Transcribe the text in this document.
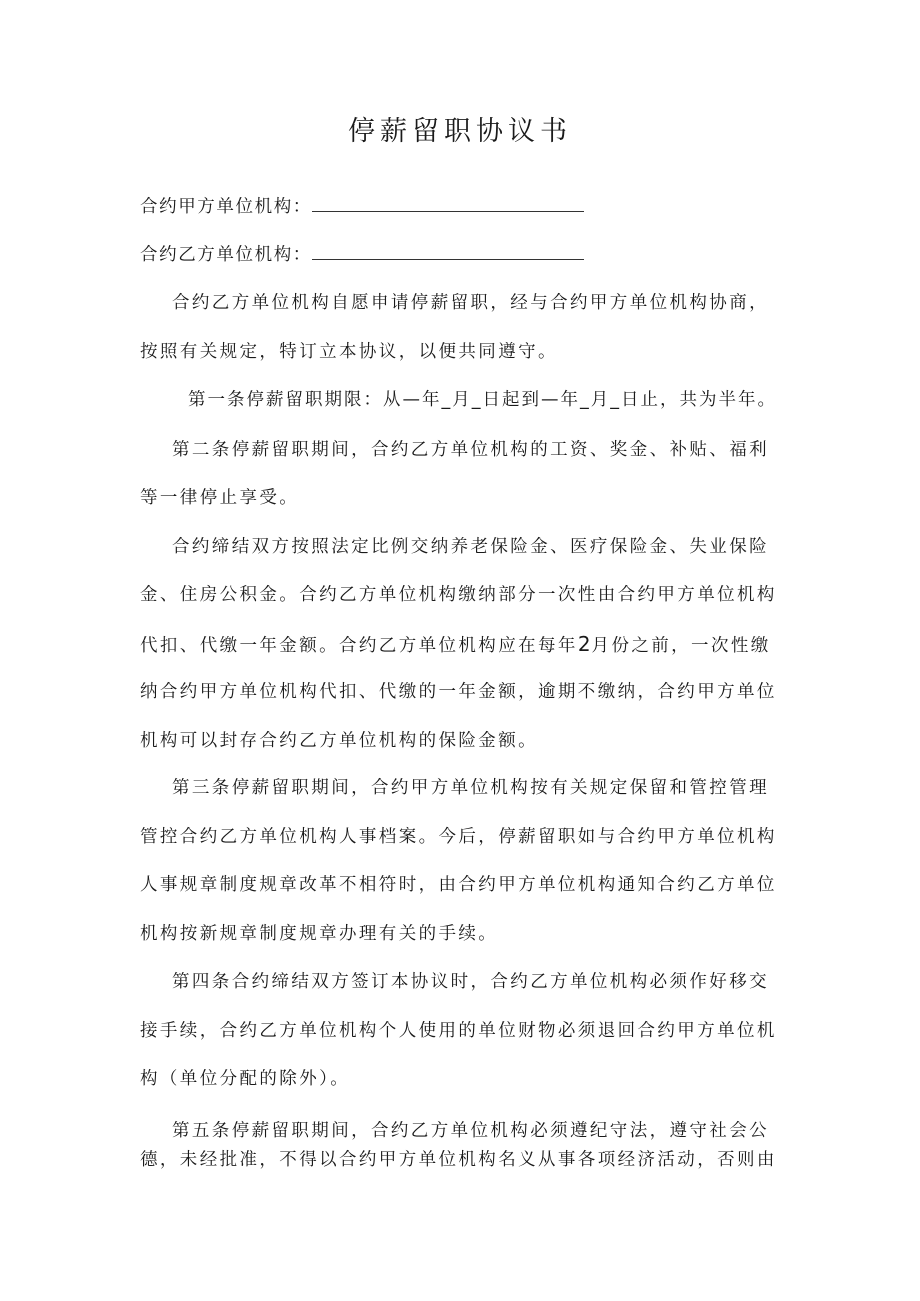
停薪留职协议书
合约甲方单位机构：
合约乙方单位机构：
合约乙方单位机构自愿申请停薪留职，经与合约甲方单位机构协商，
按照有关规定，特订立本协议，以便共同遵守。
第一条停薪留职期限：从—年_月_日起到—年_月_日止，共为半年。
第二条停薪留职期间，合约乙方单位机构的工资、奖金、补贴、福利
等一律停止享受。
合约缔结双方按照法定比例交纳养老保险金、医疗保险金、失业保险
金、住房公积金。合约乙方单位机构缴纳部分一次性由合约甲方单位机构
代扣、代缴一年金额。合约乙方单位机构应在每年2月份之前，一次性缴
纳合约甲方单位机构代扣、代缴的一年金额，逾期不缴纳，合约甲方单位
机构可以封存合约乙方单位机构的保险金额。
第三条停薪留职期间，合约甲方单位机构按有关规定保留和管控管理
管控合约乙方单位机构人事档案。今后，停薪留职如与合约甲方单位机构
人事规章制度规章改革不相符时，由合约甲方单位机构通知合约乙方单位
机构按新规章制度规章办理有关的手续。
第四条合约缔结双方签订本协议时，合约乙方单位机构必须作好移交
接手续，合约乙方单位机构个人使用的单位财物必须退回合约甲方单位机
构（单位分配的除外）。
第五条停薪留职期间，合约乙方单位机构必须遵纪守法，遵守社会公
德，未经批准，不得以合约甲方单位机构名义从事各项经济活动，否则由
